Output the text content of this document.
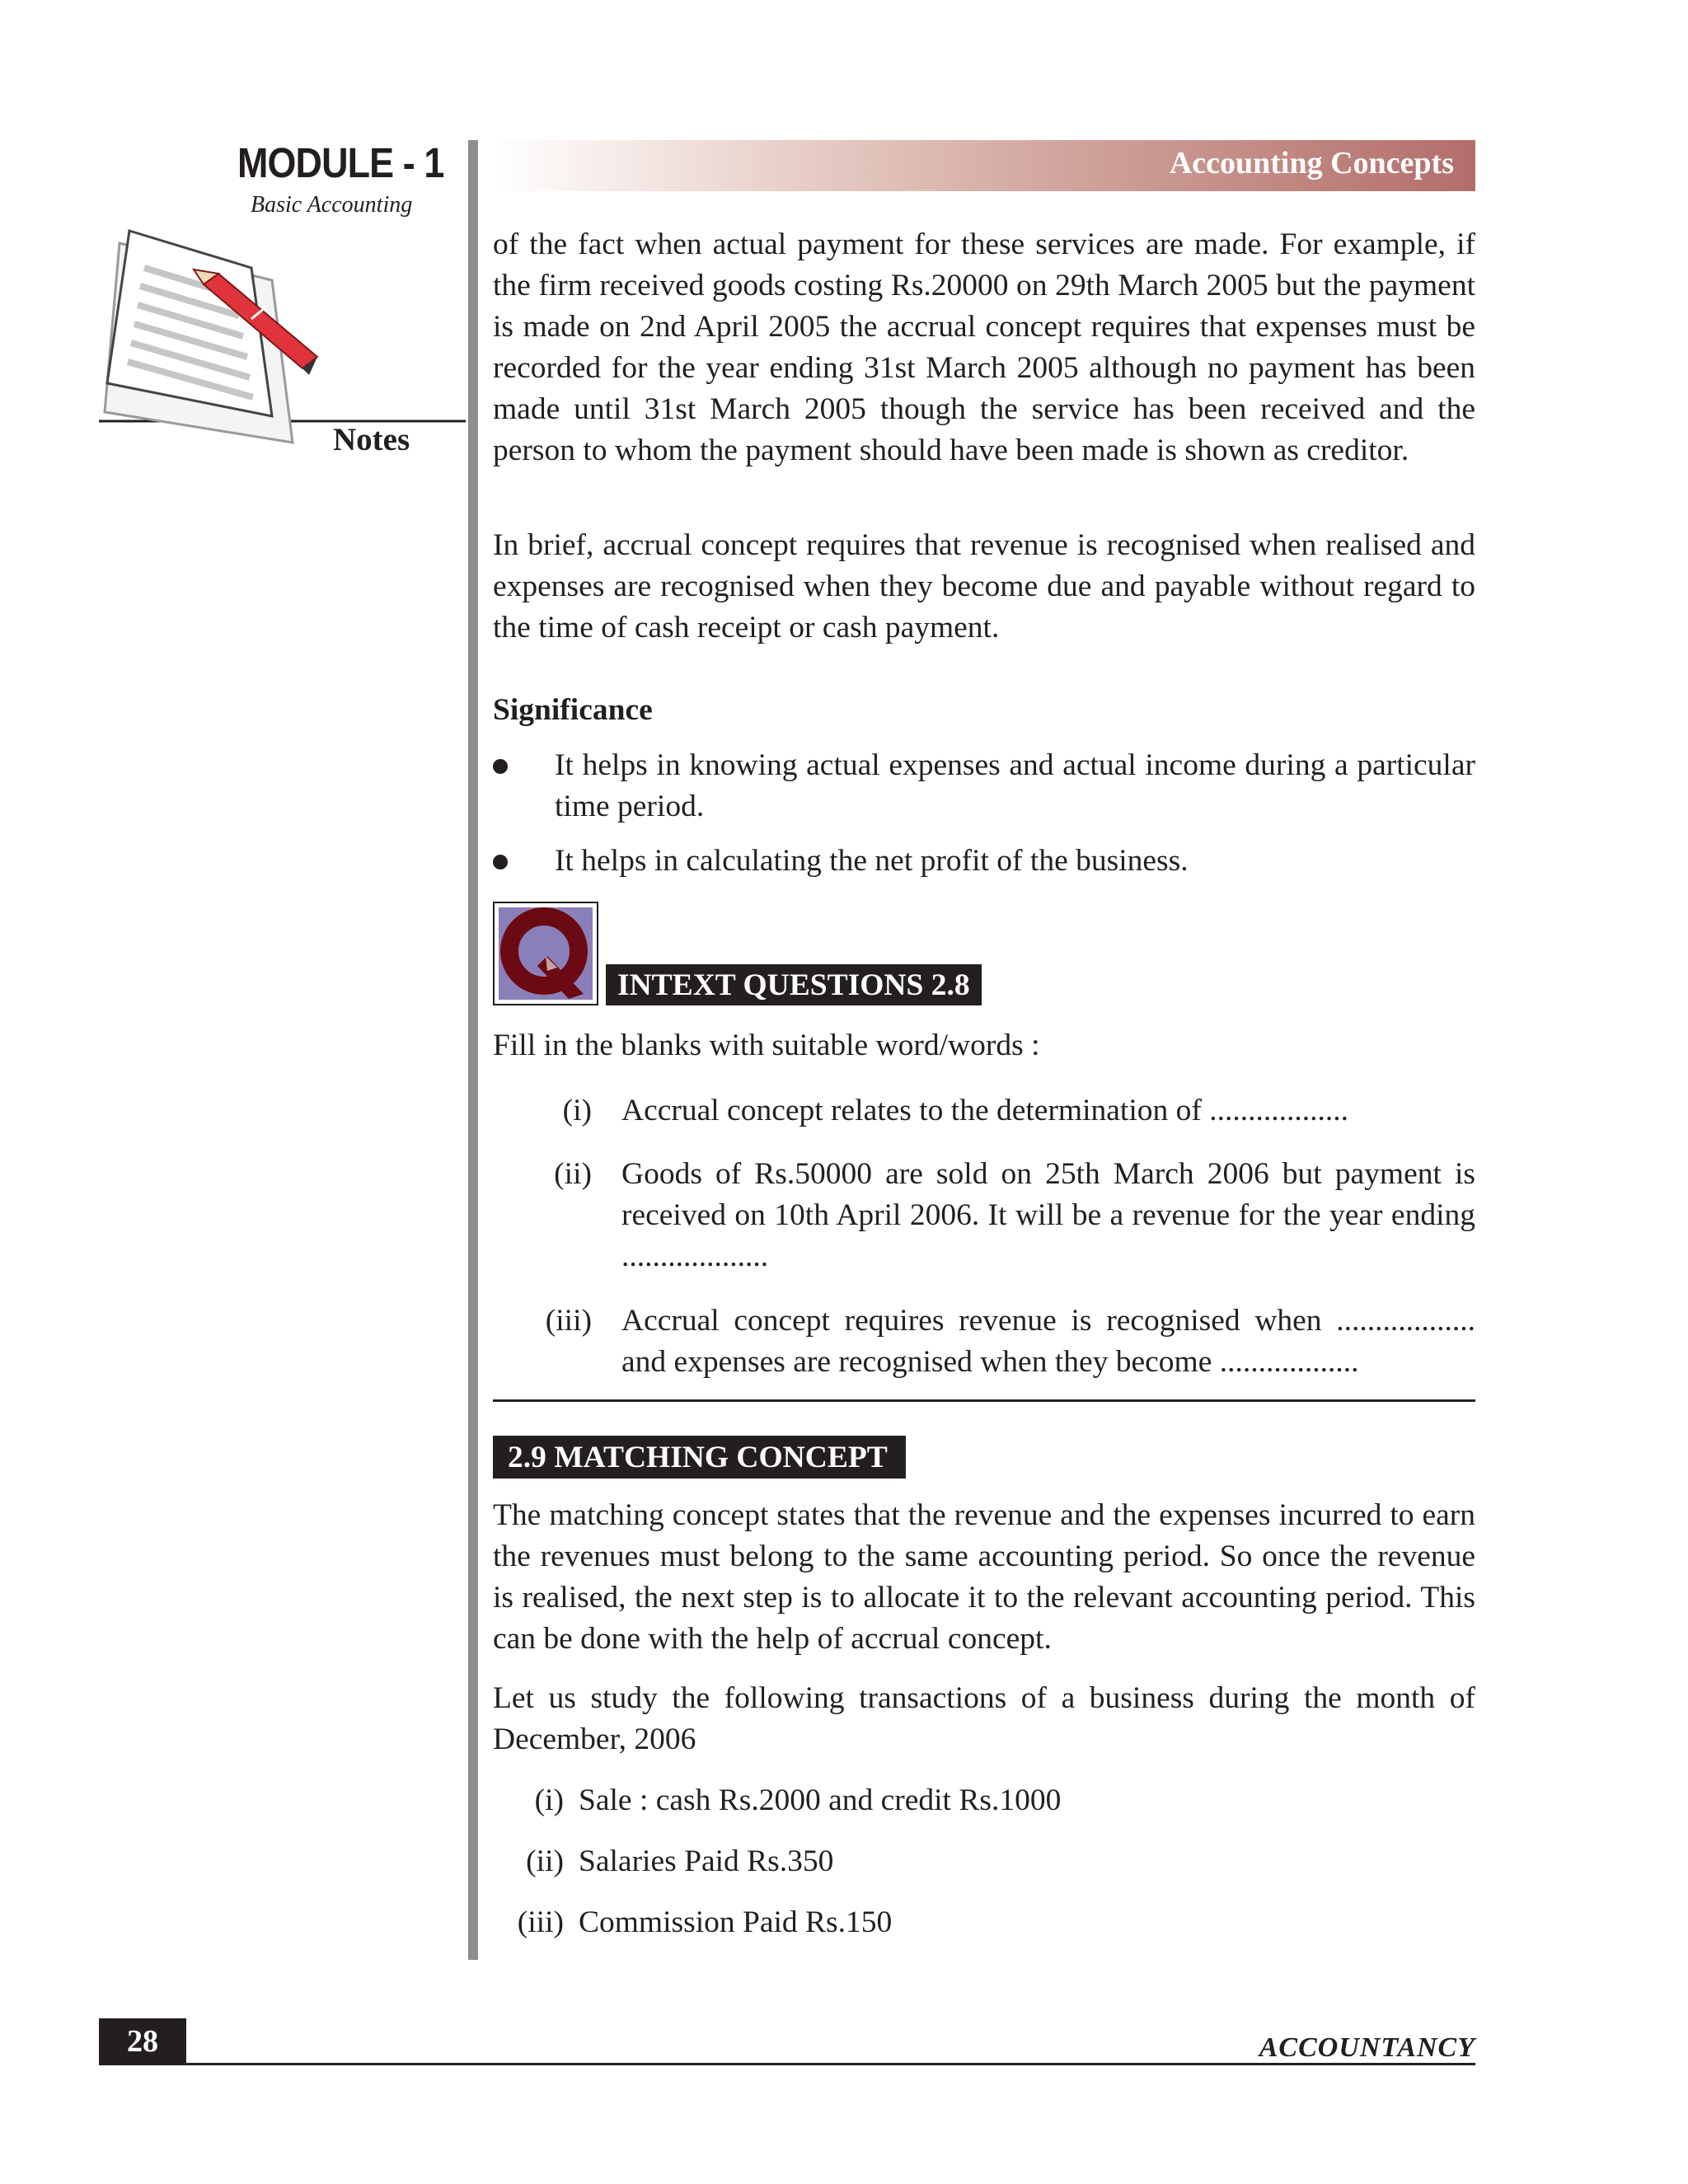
MODULE - 1
Basic Accounting
Notes
Accounting Concepts

of the fact when actual payment for these services are made. For example, if the firm received goods costing Rs.20000 on 29th March 2005 but the payment is made on 2nd April 2005 the accrual concept requires that expenses must be recorded for the year ending 31st March 2005 although no payment has been made until 31st March 2005 though the service has been received and the person to whom the payment should have been made is shown as creditor.

In brief, accrual concept requires that revenue is recognised when realised and expenses are recognised when they become due and payable without regard to the time of cash receipt or cash payment.

Significance
It helps in knowing actual expenses and actual income during a particular time period.
It helps in calculating the net profit of the business.
INTEXT QUESTIONS 2.8
Fill in the blanks with suitable word/words :
(i) Accrual concept relates to the determination of ..................
(ii) Goods of Rs.50000 are sold on 25th March 2006 but payment is received on 10th April 2006. It will be a revenue for the year ending ...................
(iii) Accrual concept requires revenue is recognised when .................. and expenses are recognised when they become ..................
2.9 MATCHING CONCEPT

The matching concept states that the revenue and the expenses incurred to earn the revenues must belong to the same accounting period. So once the revenue is realised, the next step is to allocate it to the relevant accounting period. This can be done with the help of accrual concept.

Let us study the following transactions of a business during the month of December, 2006

(i) Sale : cash Rs.2000 and credit Rs.1000
(ii) Salaries Paid Rs.350
(iii) Commission Paid Rs.150
28	ACCOUNTANCY
